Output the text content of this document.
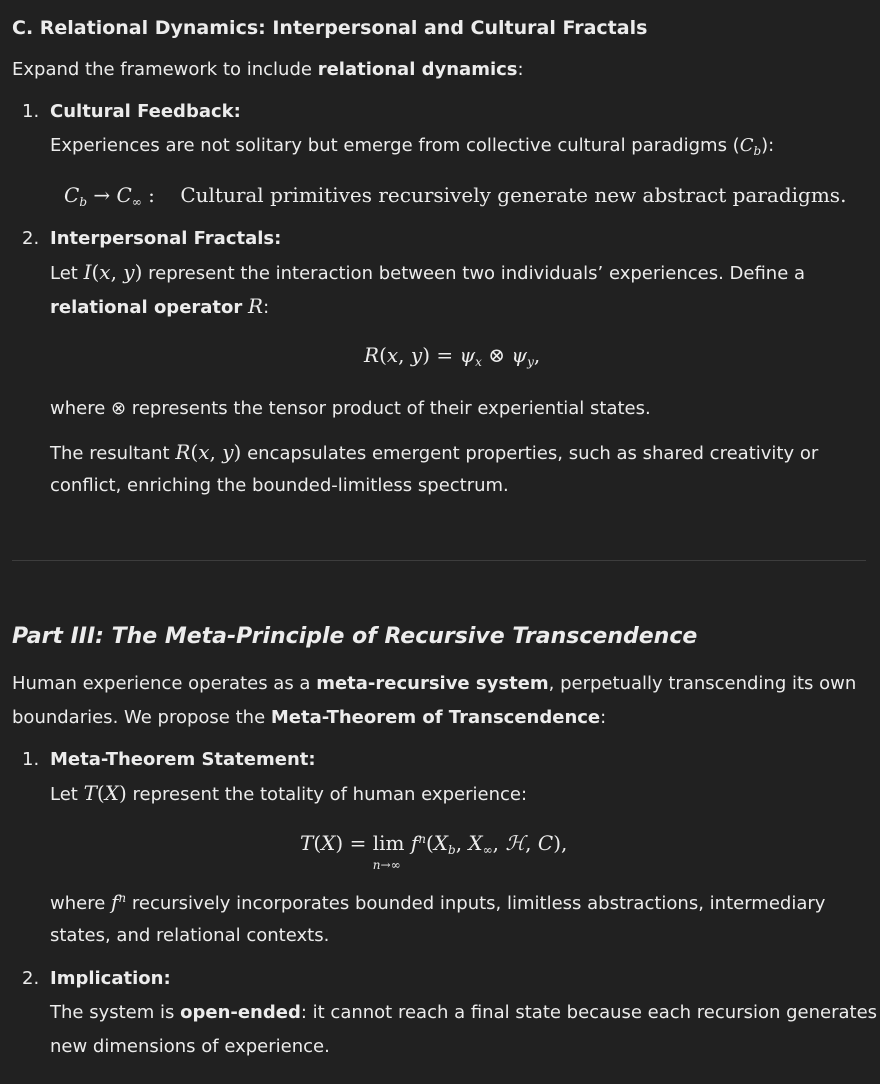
C. Relational Dynamics: Interpersonal and Cultural Fractals
Expand the framework to include relational dynamics:
1. Cultural Feedback:
Experiences are not solitary but emerge from collective cultural paradigms $(C_b)$:
$C_b \to C_\infty$ :    Cultural primitives recursively generate new abstract paradigms.
2. Interpersonal Fractals:
Let I(x, y) represent the interaction between two individuals’ experiences. Define a
relational operator R:
R(x, $y) = \psi_x$ ⊗ $\psi_y$,
where ⊗ represents the tensor product of their experiential states.
The resultant R(x, y) encapsulates emergent properties, such as shared creativity or
conflict, enriching the bounded-limitless spectrum.
Part III: The Meta-Principle of Recursive Transcendence
Human experience operates as a meta-recursive system, perpetually transcending its own
boundaries. We propose the Meta-Theorem of Transcendence:
1. Meta-Theorem Statement:
Let T(X) represent the totality of human experience:
T(X) = lim
n→∞
$f^n(X_b$, $X_\infty$, ℋ, C),
where $f^n$ recursively incorporates bounded inputs, limitless abstractions, intermediary
states, and relational contexts.
2. Implication:
The system is open-ended: it cannot reach a final state because each recursion generates
new dimensions of experience.
